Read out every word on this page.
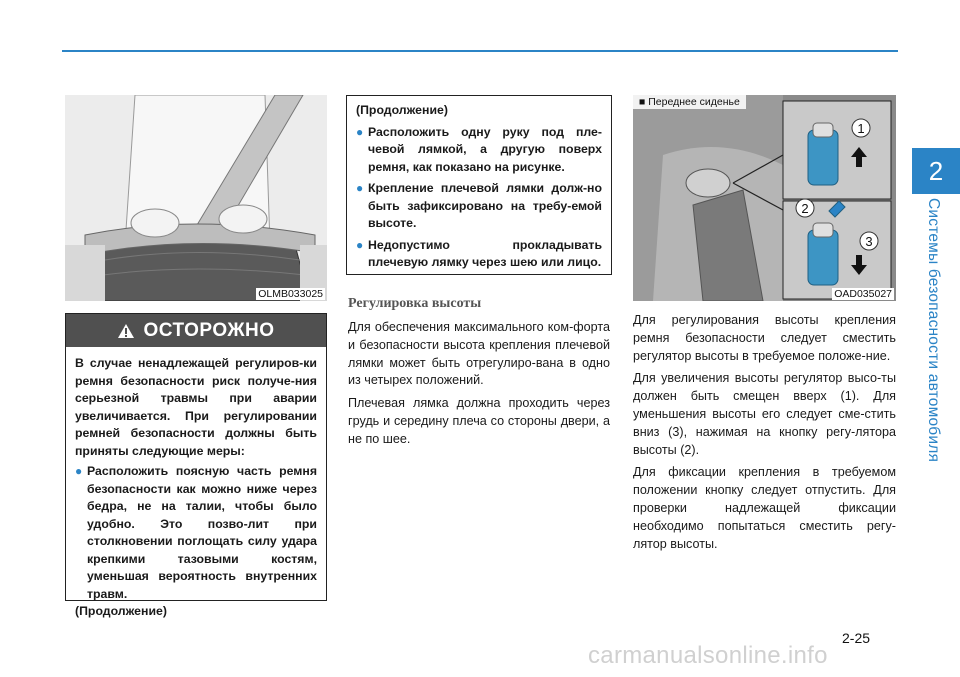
2
Системы безопасности автомобиля
OLMB033025
ОСТОРОЖНО

В случае ненадлежащей регулиров-ки ремня безопасности риск получе-ния серьезной травмы при аварии увеличивается. При регулировании ремней безопасности должны быть приняты следующие меры:

● Расположить поясную часть ремня безопасности как можно ниже через бедра, не на талии, чтобы было удобно. Это позво-лит при столкновении поглощать силу удара крепкими тазовыми костям, уменьшая вероятность внутренних травм.

(Продолжение)

(Продолжение)
● Расположить одну руку под пле-чевой лямкой, а другую поверх ремня, как показано на рисунке.
● Крепление плечевой лямки долж-но быть зафиксировано на требу-емой высоте.
● Недопустимо прокладывать плечевую лямку через шею или лицо.
Регулировка высоты

Для обеспечения максимального ком-форта и безопасности высота крепления плечевой лямки может быть отрегулиро-вана в одно из четырех положений.

Плечевая лямка должна проходить через грудь и середину плеча со стороны двери, а не по шее.

1
2
3
■ Переднее сиденье
OAD035027

Для регулирования высоты крепления ремня безопасности следует сместить регулятор высоты в требуемое положе-ние.

Для увеличения высоты регулятор высо-ты должен быть смещен вверх (1). Для уменьшения высоты его следует сме-стить вниз (3), нажимая на кнопку регу-лятора высоты (2).

Для фиксации крепления в требуемом положении кнопку следует отпустить. Для проверки надлежащей фиксации необходимо попытаться сместить регу-лятор высоты.

2-25
carmanualsonline.info
